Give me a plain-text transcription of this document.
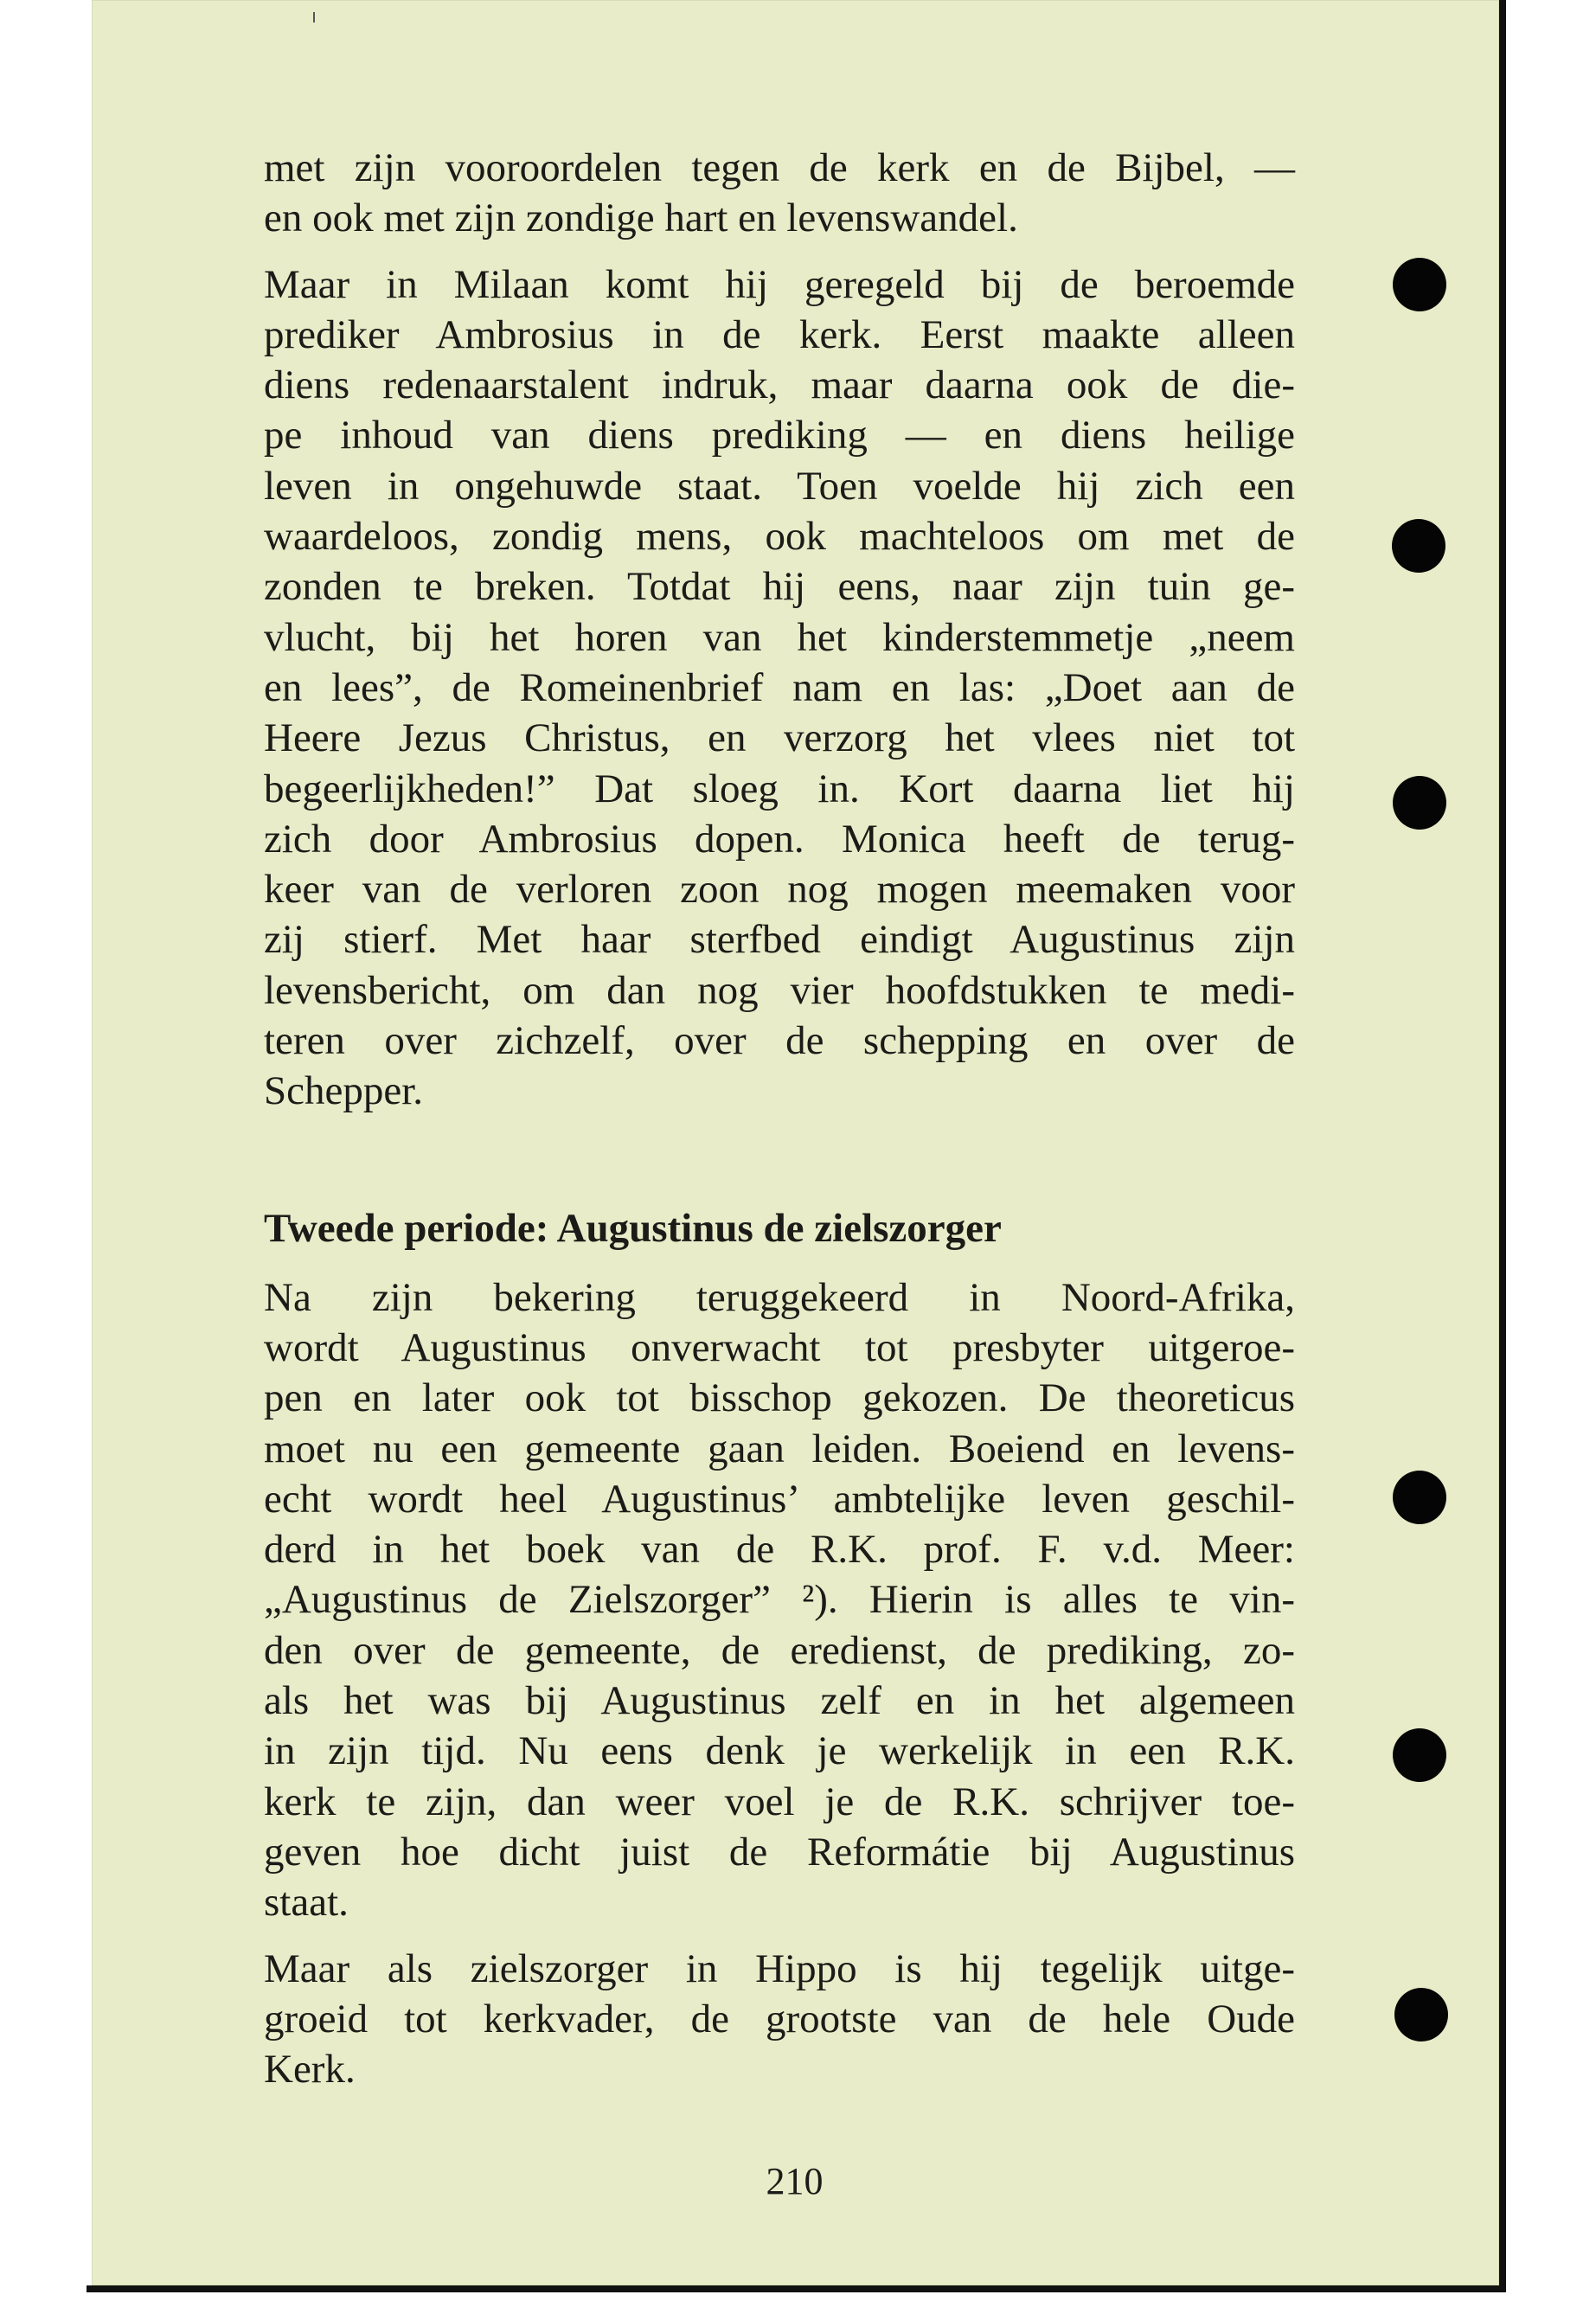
met zijn vooroordelen tegen de kerk en de Bijbel, —
en ook met zijn zondige hart en levenswandel.
Maar in Milaan komt hij geregeld bij de beroemde
prediker Ambrosius in de kerk. Eerst maakte alleen
diens redenaarstalent indruk, maar daarna ook de die-
pe inhoud van diens prediking — en diens heilige
leven in ongehuwde staat. Toen voelde hij zich een
waardeloos, zondig mens, ook machteloos om met de
zonden te breken. Totdat hij eens, naar zijn tuin ge-
vlucht, bij het horen van het kinderstemmetje „neem
en lees”, de Romeinenbrief nam en las: „Doet aan de
Heere Jezus Christus, en verzorg het vlees niet tot
begeerlijkheden!” Dat sloeg in. Kort daarna liet hij
zich door Ambrosius dopen. Monica heeft de terug-
keer van de verloren zoon nog mogen meemaken voor
zij stierf. Met haar sterfbed eindigt Augustinus zijn
levensbericht, om dan nog vier hoofdstukken te medi-
teren over zichzelf, over de schepping en over de
Schepper.
Tweede periode: Augustinus de zielszorger
Na zijn bekering teruggekeerd in Noord-Afrika,
wordt Augustinus onverwacht tot presbyter uitgeroe-
pen en later ook tot bisschop gekozen. De theoreticus
moet nu een gemeente gaan leiden. Boeiend en levens-
echt wordt heel Augustinus’ ambtelijke leven geschil-
derd in het boek van de R.K. prof. F. v.d. Meer:
„Augustinus de Zielszorger” ²). Hierin is alles te vin-
den over de gemeente, de eredienst, de prediking, zo-
als het was bij Augustinus zelf en in het algemeen
in zijn tijd. Nu eens denk je werkelijk in een R.K.
kerk te zijn, dan weer voel je de R.K. schrijver toe-
geven hoe dicht juist de Reformátie bij Augustinus
staat.
Maar als zielszorger in Hippo is hij tegelijk uitge-
groeid tot kerkvader, de grootste van de hele Oude
Kerk.
210
